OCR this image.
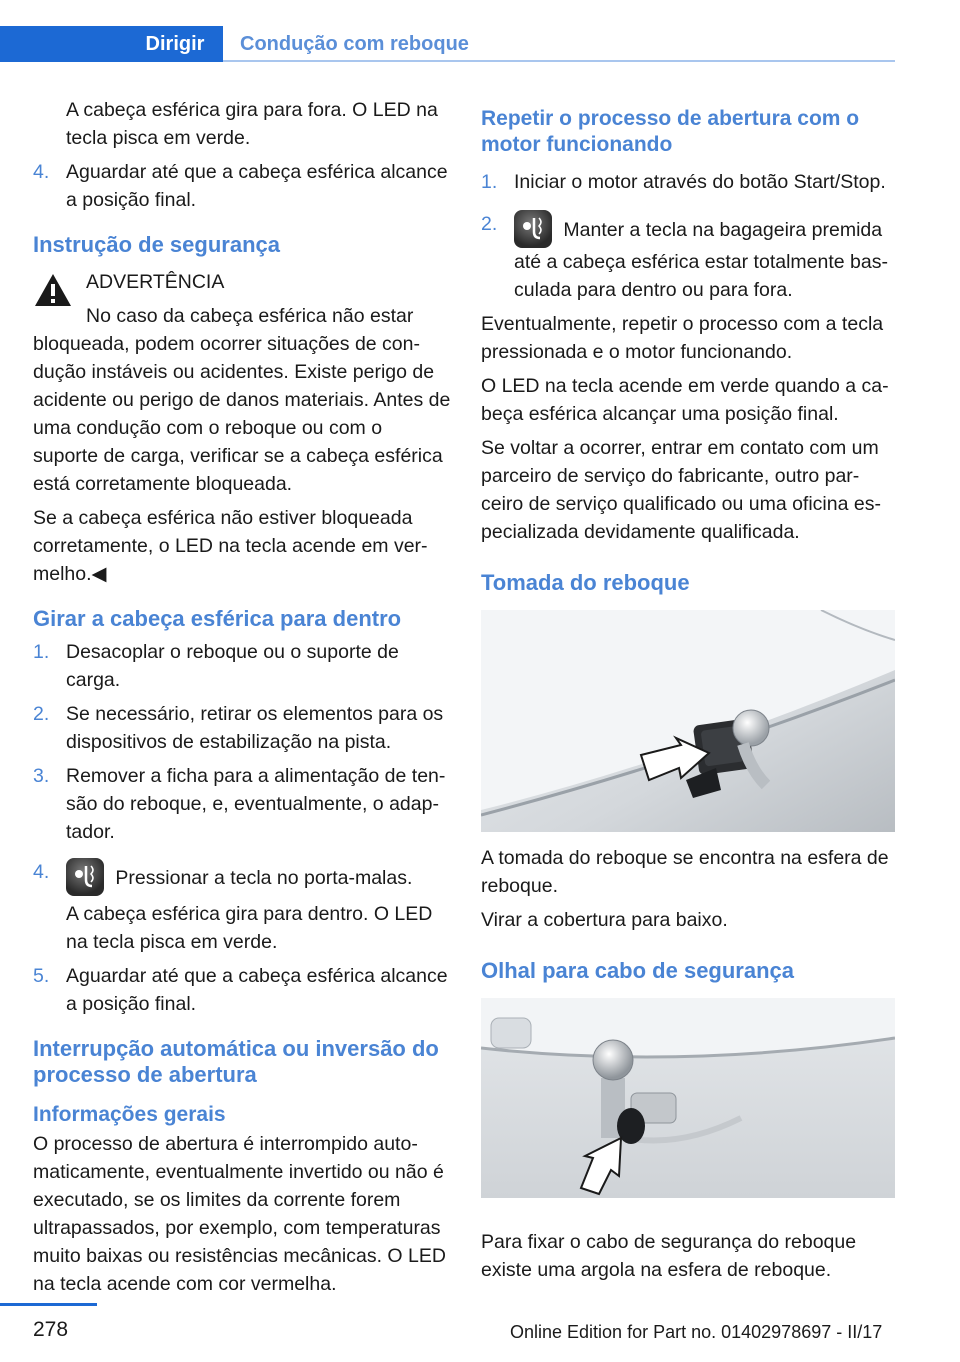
Dirigir	Condução com reboque
A cabeça esférica gira para fora. O LED na tecla pisca em verde.
4. Aguardar até que a cabeça esférica alcance a posição final.
Instrução de segurança
ADVERTÊNCIA
No caso da cabeça esférica não estar bloqueada, podem ocorrer situações de condução instáveis ou acidentes. Existe perigo de acidente ou perigo de danos materiais. Antes de uma condução com o reboque ou com o suporte de carga, verificar se a cabeça esférica está corretamente bloqueada.
Se a cabeça esférica não estiver bloqueada corretamente, o LED na tecla acende em vermelho.◀
Girar a cabeça esférica para dentro
1. Desacoplar o reboque ou o suporte de carga.
2. Se necessário, retirar os elementos para os dispositivos de estabilização na pista.
3. Remover a ficha para a alimentação de tensão do reboque, e, eventualmente, o adaptador.
4.	Pressionar a tecla no porta-malas.
A cabeça esférica gira para dentro. O LED na tecla pisca em verde.
5. Aguardar até que a cabeça esférica alcance a posição final.
Interrupção automática ou inversão do processo de abertura
Informações gerais
O processo de abertura é interrompido automaticamente, eventualmente invertido ou não é executado, se os limites da corrente forem ultrapassados, por exemplo, com temperaturas muito baixas ou resistências mecânicas. O LED na tecla acende com cor vermelha.
Repetir o processo de abertura com o motor funcionando
1. Iniciar o motor através do botão Start/Stop.
2.	Manter a tecla na bagageira premida até a cabeça esférica estar totalmente basculada para dentro ou para fora.
Eventualmente, repetir o processo com a tecla pressionada e o motor funcionando.
O LED na tecla acende em verde quando a cabeça esférica alcançar uma posição final.
Se voltar a ocorrer, entrar em contato com um parceiro de serviço do fabricante, outro parceiro de serviço qualificado ou uma oficina especializada devidamente qualificada.
Tomada do reboque
A tomada do reboque se encontra na esfera de reboque.
Virar a cobertura para baixo.
Olhal para cabo de segurança
Para fixar o cabo de segurança do reboque existe uma argola na esfera de reboque.
278	Online Edition for Part no. 01402978697 - II/17
